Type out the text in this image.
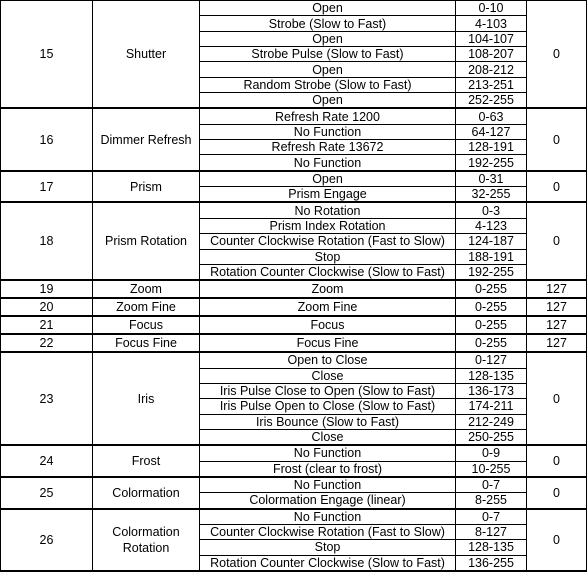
15	Shutter	Open	0-10	0
		Strobe (Slow to Fast)	4-103	
		Open	104-107	
		Strobe Pulse (Slow to Fast)	108-207	
		Open	208-212	
		Random Strobe (Slow to Fast)	213-251	
		Open	252-255	
16	Dimmer Refresh	Refresh Rate 1200	0-63	0
		No Function	64-127	
		Refresh Rate 13672	128-191	
		No Function	192-255	
17	Prism	Open	0-31	0
		Prism Engage	32-255	
18	Prism Rotation	No Rotation	0-3	0
		Prism Index Rotation	4-123	
		Counter Clockwise Rotation (Fast to Slow)	124-187	
		Stop	188-191	
		Rotation Counter Clockwise (Slow to Fast)	192-255	
19	Zoom	Zoom	0-255	127
20	Zoom Fine	Zoom Fine	0-255	127
21	Focus	Focus	0-255	127
22	Focus Fine	Focus Fine	0-255	127
23	Iris	Open to Close	0-127	0
		Close	128-135	
		Iris Pulse Close to Open (Slow to Fast)	136-173	
		Iris Pulse Open to Close (Slow to Fast)	174-211	
		Iris Bounce (Slow to Fast)	212-249	
		Close	250-255	
24	Frost	No Function	0-9	0
		Frost (clear to frost)	10-255	
25	Colormation	No Function	0-7	0
		Colormation Engage (linear)	8-255	
26	Colormation Rotation	No Function	0-7	0
		Counter Clockwise Rotation (Fast to Slow)	8-127	
		Stop	128-135	
		Rotation Counter Clockwise (Slow to Fast)	136-255	
